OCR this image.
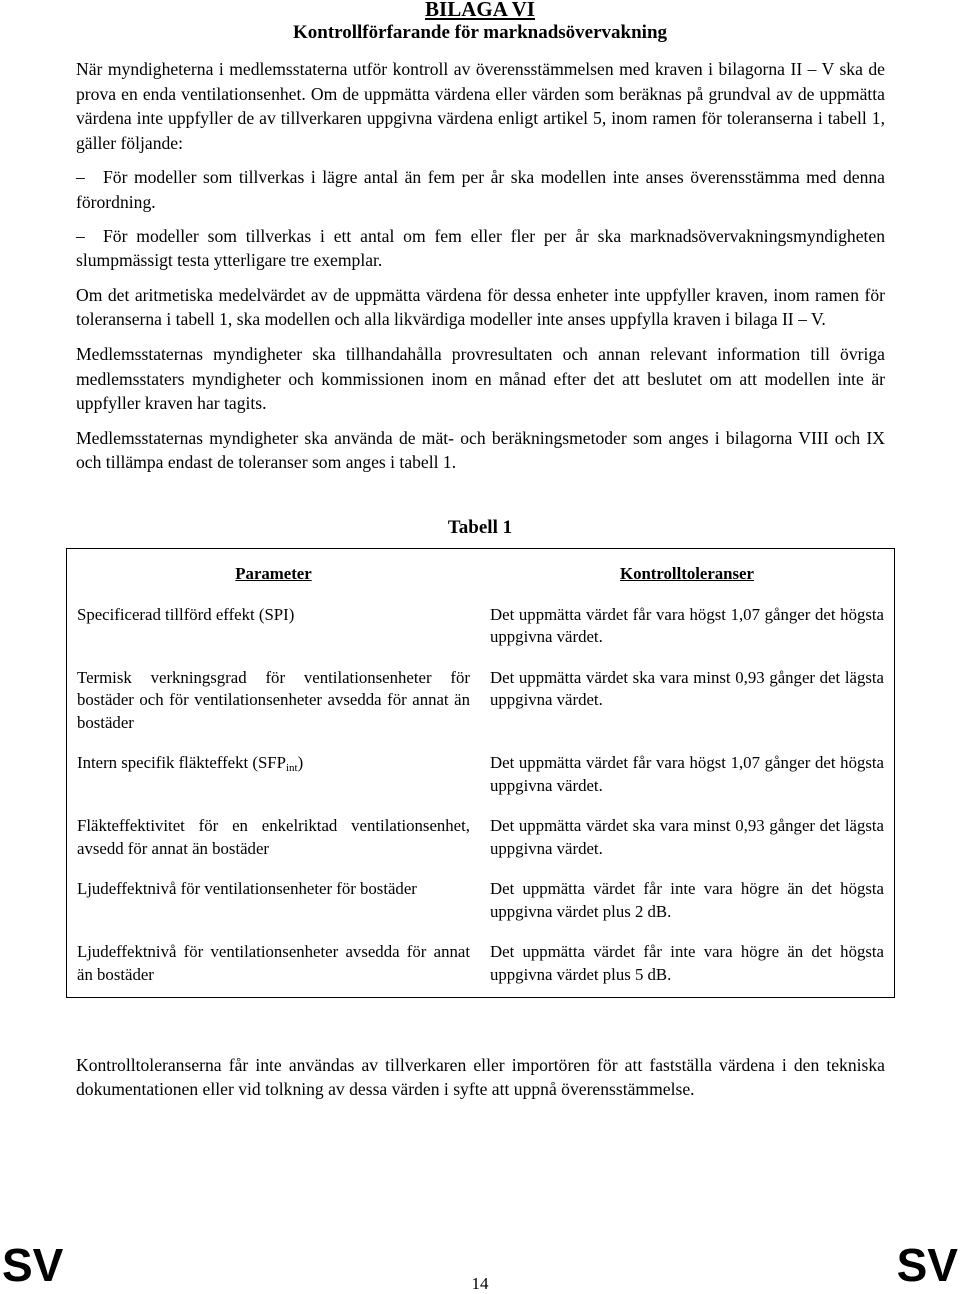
BILAGA VI
Kontrollförfarande för marknadsövervakning

När myndigheterna i medlemsstaterna utför kontroll av överensstämmelsen med kraven i bilagorna II – V ska de prova en enda ventilationsenhet. Om de uppmätta värdena eller värden som beräknas på grundval av de uppmätta värdena inte uppfyller de av tillverkaren uppgivna värdena enligt artikel 5, inom ramen för toleranserna i tabell 1, gäller följande:

– För modeller som tillverkas i lägre antal än fem per år ska modellen inte anses överensstämma med denna förordning.

– För modeller som tillverkas i ett antal om fem eller fler per år ska marknadsövervakningsmyndigheten slumpmässigt testa ytterligare tre exemplar.

Om det aritmetiska medelvärdet av de uppmätta värdena för dessa enheter inte uppfyller kraven, inom ramen för toleranserna i tabell 1, ska modellen och alla likvärdiga modeller inte anses uppfylla kraven i bilaga II – V.

Medlemsstaternas myndigheter ska tillhandahålla provresultaten och annan relevant information till övriga medlemsstaters myndigheter och kommissionen inom en månad efter det att beslutet om att modellen inte är uppfyller kraven har tagits.

Medlemsstaternas myndigheter ska använda de mät- och beräkningsmetoder som anges i bilagorna VIII och IX och tillämpa endast de toleranser som anges i tabell 1.

Tabell 1
Parameter	Kontrolltoleranser
Specificerad tillförd effekt (SPI)	Det uppmätta värdet får vara högst 1,07 gånger det högsta uppgivna värdet.
Termisk verkningsgrad för ventilationsenheter för bostäder och för ventilationsenheter avsedda för annat än bostäder	Det uppmätta värdet ska vara minst 0,93 gånger det lägsta uppgivna värdet.
Intern specifik fläkteffekt $(SFP_{int})$	Det uppmätta värdet får vara högst 1,07 gånger det högsta uppgivna värdet.
Fläkteffektivitet för en enkelriktad ventilationsenhet, avsedd för annat än bostäder	Det uppmätta värdet ska vara minst 0,93 gånger det lägsta uppgivna värdet.
Ljudeffektnivå för ventilationsenheter för bostäder	Det uppmätta värdet får inte vara högre än det högsta uppgivna värdet plus 2 dB.
Ljudeffektnivå för ventilationsenheter avsedda för annat än bostäder	Det uppmätta värdet får inte vara högre än det högsta uppgivna värdet plus 5 dB.

Kontrolltoleranserna får inte användas av tillverkaren eller importören för att fastställa värdena i den tekniska dokumentationen eller vid tolkning av dessa värden i syfte att uppnå överensstämmelse.

SV	14	SV
